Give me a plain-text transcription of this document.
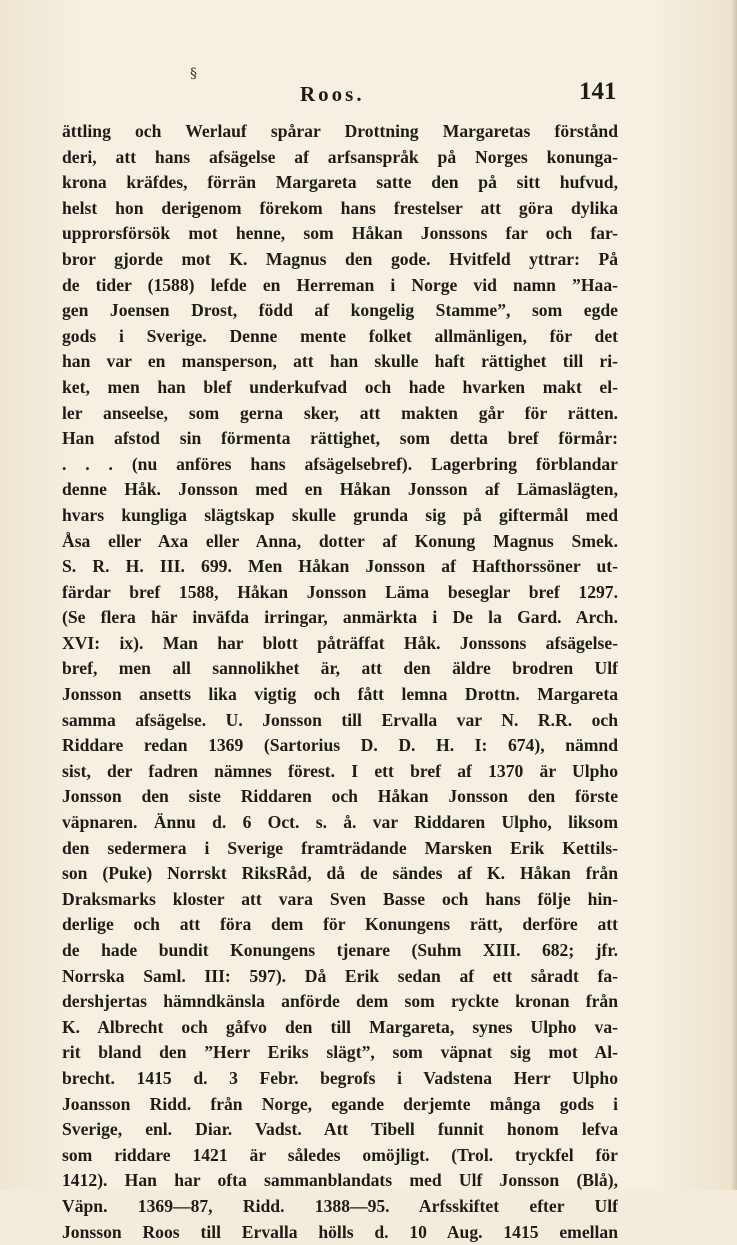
§
Roos.	141
ättling och Werlauf spårar Drottning Margaretas förstånd
deri, att hans afsägelse af arfsanspråk på Norges konunga-
krona kräfdes, förrän Margareta satte den på sitt hufvud,
helst hon derigenom förekom hans frestelser att göra dylika
upprorsförsök mot henne, som Håkan Jonssons far och far-
bror gjorde mot K. Magnus den gode. Hvitfeld yttrar: På
de tider (1588) lefde en Herreman i Norge vid namn ”Haa-
gen Joensen Drost, född af kongelig Stamme”, som egde
gods i Sverige. Denne mente folket allmänligen, för det
han var en mansperson, att han skulle haft rättighet till ri-
ket, men han blef underkufvad och hade hvarken makt el-
ler anseelse, som gerna sker, att makten går för rätten.
Han afstod sin förmenta rättighet, som detta bref förmår:
. . . (nu anföres hans afsägelsebref). Lagerbring förblandar
denne Håk. Jonsson med en Håkan Jonsson af Lämaslägten,
hvars kungliga slägtskap skulle grunda sig på giftermål med
Åsa eller Axa eller Anna, dotter af Konung Magnus Smek.
S. R. H. III. 699. Men Håkan Jonsson af Hafthorssöner ut-
färdar bref 1588, Håkan Jonsson Läma beseglar bref 1297.
(Se flera här inväfda irringar, anmärkta i De la Gard. Arch.
XVI: ix). Man har blott påträffat Håk. Jonssons afsägelse-
bref, men all sannolikhet är, att den äldre brodren Ulf
Jonsson ansetts lika vigtig och fått lemna Drottn. Margareta
samma afsägelse. U. Jonsson till Ervalla var N. R.R. och
Riddare redan 1369 (Sartorius D. D. H. I: 674), nämnd
sist, der fadren nämnes förest. I ett bref af 1370 är Ulpho
Jonsson den siste Riddaren och Håkan Jonsson den förste
väpnaren. Ännu d. 6 Oct. s. å. var Riddaren Ulpho, liksom
den sedermera i Sverige framträdande Marsken Erik Kettils-
son (Puke) Norrskt RiksRåd, då de sändes af K. Håkan från
Draksmarks kloster att vara Sven Basse och hans följe hin-
derlige och att föra dem för Konungens rätt, derföre att
de hade bundit Konungens tjenare (Suhm XIII. 682; jfr.
Norrska Saml. III: 597). Då Erik sedan af ett såradt fa-
dershjertas hämndkänsla anförde dem som ryckte kronan från
K. Albrecht och gåfvo den till Margareta, synes Ulpho va-
rit bland den ”Herr Eriks slägt”, som väpnat sig mot Al-
brecht. 1415 d. 3 Febr. begrofs i Vadstena Herr Ulpho
Joansson Ridd. från Norge, egande derjemte många gods i
Sverige, enl. Diar. Vadst. Att Tibell funnit honom lefva
som riddare 1421 är således omöjligt. (Trol. tryckfel för
1412). Han har ofta sammanblandats med Ulf Jonsson (Blå),
Väpn. 1369—87, Ridd. 1388—95. Arfsskiftet efter Ulf
Jonsson Roos till Ervalla hölls d. 10 Aug. 1415 emellan
